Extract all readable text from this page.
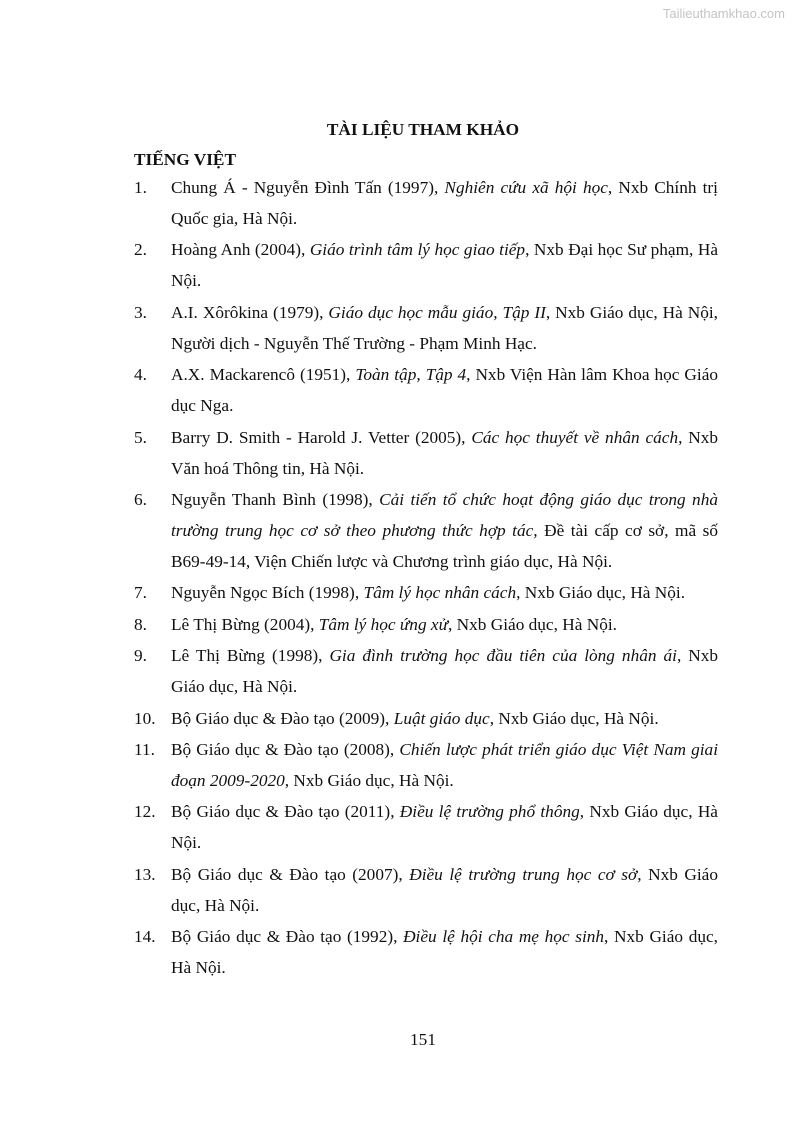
Tailieuthamkhao.com
TÀI LIỆU THAM KHẢO
TIẾNG VIỆT
1. Chung Á - Nguyễn Đình Tấn (1997), Nghiên cứu xã hội học, Nxb Chính trị Quốc gia, Hà Nội.
2. Hoàng Anh (2004), Giáo trình tâm lý học giao tiếp, Nxb Đại học Sư phạm, Hà Nội.
3. A.I. Xôrôkina (1979), Giáo dục học mẫu giáo, Tập II, Nxb Giáo dục, Hà Nội, Người dịch - Nguyễn Thế Trường - Phạm Minh Hạc.
4. A.X. Mackarencô (1951), Toàn tập, Tập 4, Nxb Viện Hàn lâm Khoa học Giáo dục Nga.
5. Barry D. Smith - Harold J. Vetter (2005), Các học thuyết về nhân cách, Nxb Văn hoá Thông tin, Hà Nội.
6. Nguyễn Thanh Bình (1998), Cải tiến tổ chức hoạt động giáo dục trong nhà trường trung học cơ sở theo phương thức hợp tác, Đề tài cấp cơ sở, mã số B69-49-14, Viện Chiến lược và Chương trình giáo dục, Hà Nội.
7. Nguyễn Ngọc Bích (1998), Tâm lý học nhân cách, Nxb Giáo dục, Hà Nội.
8. Lê Thị Bừng (2004), Tâm lý học ứng xử, Nxb Giáo dục, Hà Nội.
9. Lê Thị Bừng (1998), Gia đình trường học đầu tiên của lòng nhân ái, Nxb Giáo dục, Hà Nội.
10. Bộ Giáo dục & Đào tạo (2009), Luật giáo dục, Nxb Giáo dục, Hà Nội.
11. Bộ Giáo dục & Đào tạo (2008), Chiến lược phát triển giáo dục Việt Nam giai đoạn 2009-2020, Nxb Giáo dục, Hà Nội.
12. Bộ Giáo dục & Đào tạo (2011), Điều lệ trường phổ thông, Nxb Giáo dục, Hà Nội.
13. Bộ Giáo dục & Đào tạo (2007), Điều lệ trường trung học cơ sở, Nxb Giáo dục, Hà Nội.
14. Bộ Giáo dục & Đào tạo (1992), Điều lệ hội cha mẹ học sinh, Nxb Giáo dục, Hà Nội.
151
